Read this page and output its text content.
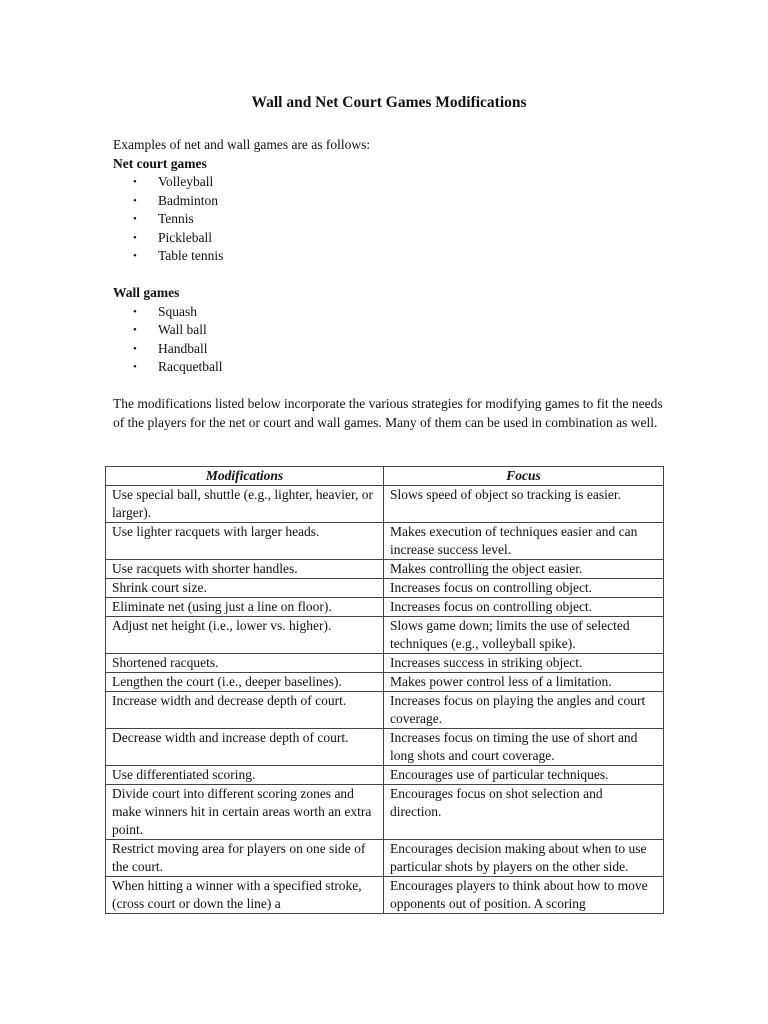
Wall and Net Court Games Modifications

Examples of net and wall games are as follows:

Net court games

• Volleyball
• Badminton
• Tennis
• Pickleball
• Table tennis

Wall games

• Squash
• Wall ball
• Handball
• Racquetball

The modifications listed below incorporate the various strategies for modifying games to fit the needs of the players for the net or court and wall games. Many of them can be used in combination as well.

Modifications	Focus
Use special ball, shuttle (e.g., lighter, heavier, or larger).	Slows speed of object so tracking is easier.
Use lighter racquets with larger heads.	Makes execution of techniques easier and can increase success level.
Use racquets with shorter handles.	Makes controlling the object easier.
Shrink court size.	Increases focus on controlling object.
Eliminate net (using just a line on floor).	Increases focus on controlling object.
Adjust net height (i.e., lower vs. higher).	Slows game down; limits the use of selected techniques (e.g., volleyball spike).
Shortened racquets.	Increases success in striking object.
Lengthen the court (i.e., deeper baselines).	Makes power control less of a limitation.
Increase width and decrease depth of court.	Increases focus on playing the angles and court coverage.
Decrease width and increase depth of court.	Increases focus on timing the use of short and long shots and court coverage.
Use differentiated scoring.	Encourages use of particular techniques.
Divide court into different scoring zones and make winners hit in certain areas worth an extra point.	Encourages focus on shot selection and direction.
Restrict moving area for players on one side of the court.	Encourages decision making about when to use particular shots by players on the other side.
When hitting a winner with a specified stroke, (cross court or down the line) a	Encourages players to think about how to move opponents out of position. A scoring
